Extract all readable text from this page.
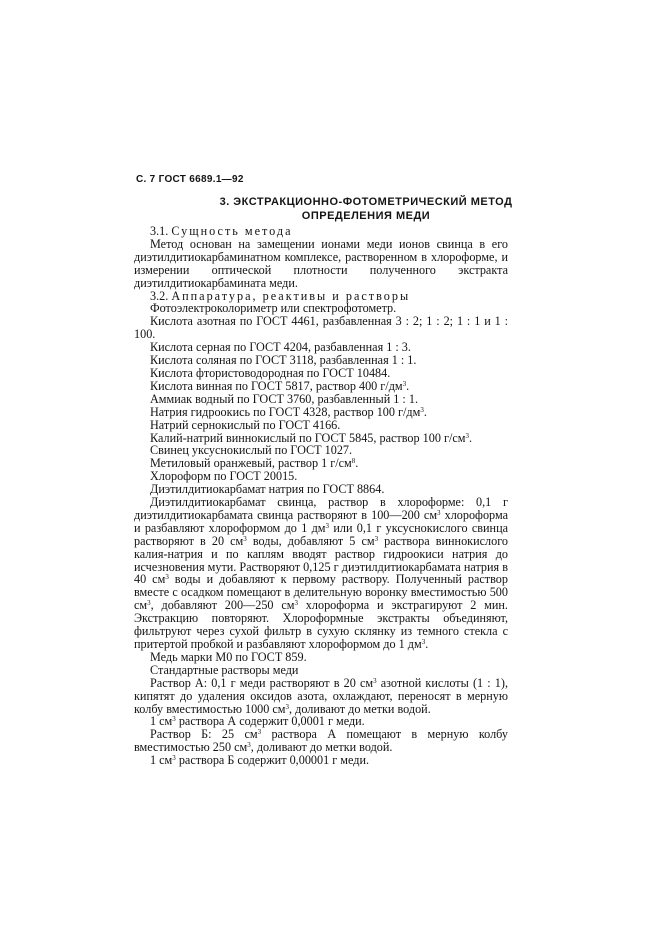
С. 7 ГОСТ 6689.1—92
3. ЭКСТРАКЦИОННО-ФОТОМЕТРИЧЕСКИЙ МЕТОД
ОПРЕДЕЛЕНИЯ МЕДИ

3.1. Сущность метода

Метод основан на замещении ионами меди ионов свинца в его диэтилдитиокарбаминатном комплексе, растворенном в хлороформе, и измерении оптической плотности полученного экстракта диэтилдитиокарбамината меди.

3.2. Аппаратура, реактивы и растворы

Фотоэлектроколориметр или спектрофотометр.

Кислота азотная по ГОСТ 4461, разбавленная 3 : 2; 1 : 2; 1 : 1 и 1 : 100.

Кислота серная по ГОСТ 4204, разбавленная 1 : 3.

Кислота соляная по ГОСТ 3118, разбавленная 1 : 1.

Кислота фтористоводородная по ГОСТ 10484.

Кислота винная по ГОСТ 5817, раствор 400 $г/дм^3$.

Аммиак водный по ГОСТ 3760, разбавленный 1 : 1.

Натрия гидроокись по ГОСТ 4328, раствор 100 $г/дм^3$.

Натрий сернокислый по ГОСТ 4166.

Калий-натрий виннокислый по ГОСТ 5845, раствор 100 $г/см^3$.

Свинец уксуснокислый по ГОСТ 1027.

Метиловый оранжевый, раствор 1 $г/см^8$.

Хлороформ по ГОСТ 20015.

Диэтилдитиокарбамат натрия по ГОСТ 8864.

Диэтилдитиокарбамат свинца, раствор в хлороформе: 0,1 г диэтилдитиокарбамата свинца растворяют в 100—200 $см^3$ хлороформа и разбавляют хлороформом до 1 $дм^3$ или 0,1 г уксуснокислого свинца растворяют в 20 $см^3$ воды, добавляют 5 $см^3$ раствора виннокислого калия-натрия и по каплям вводят раствор гидроокиси натрия до исчезновения мути. Растворяют 0,125 г диэтилдитиокарбамата натрия в 40 $см^3$ воды и добавляют к первому раствору. Полученный раствор вместе с осадком помещают в делительную воронку вместимостью 500 $см^3$, добавляют 200—250 $см^3$ хлороформа и экстрагируют 2 мин. Экстракцию повторяют. Хлороформные экстракты объединяют, фильтруют через сухой фильтр в сухую склянку из темного стекла с притертой пробкой и разбавляют хлороформом до 1 $дм^3$.

Медь марки М0 по ГОСТ 859.

Стандартные растворы меди

Раствор А: 0,1 г меди растворяют в 20 $см^3$ азотной кислоты (1 : 1), кипятят до удаления оксидов азота, охлаждают, переносят в мерную колбу вместимостью 1000 $см^3$, доливают до метки водой.

1 $см^3$ раствора А содержит 0,0001 г меди.

Раствор Б: 25 $см^3$ раствора А помещают в мерную колбу вместимостью 250 $см^3$, доливают до метки водой.

1 $см^3$ раствора Б содержит 0,00001 г меди.
